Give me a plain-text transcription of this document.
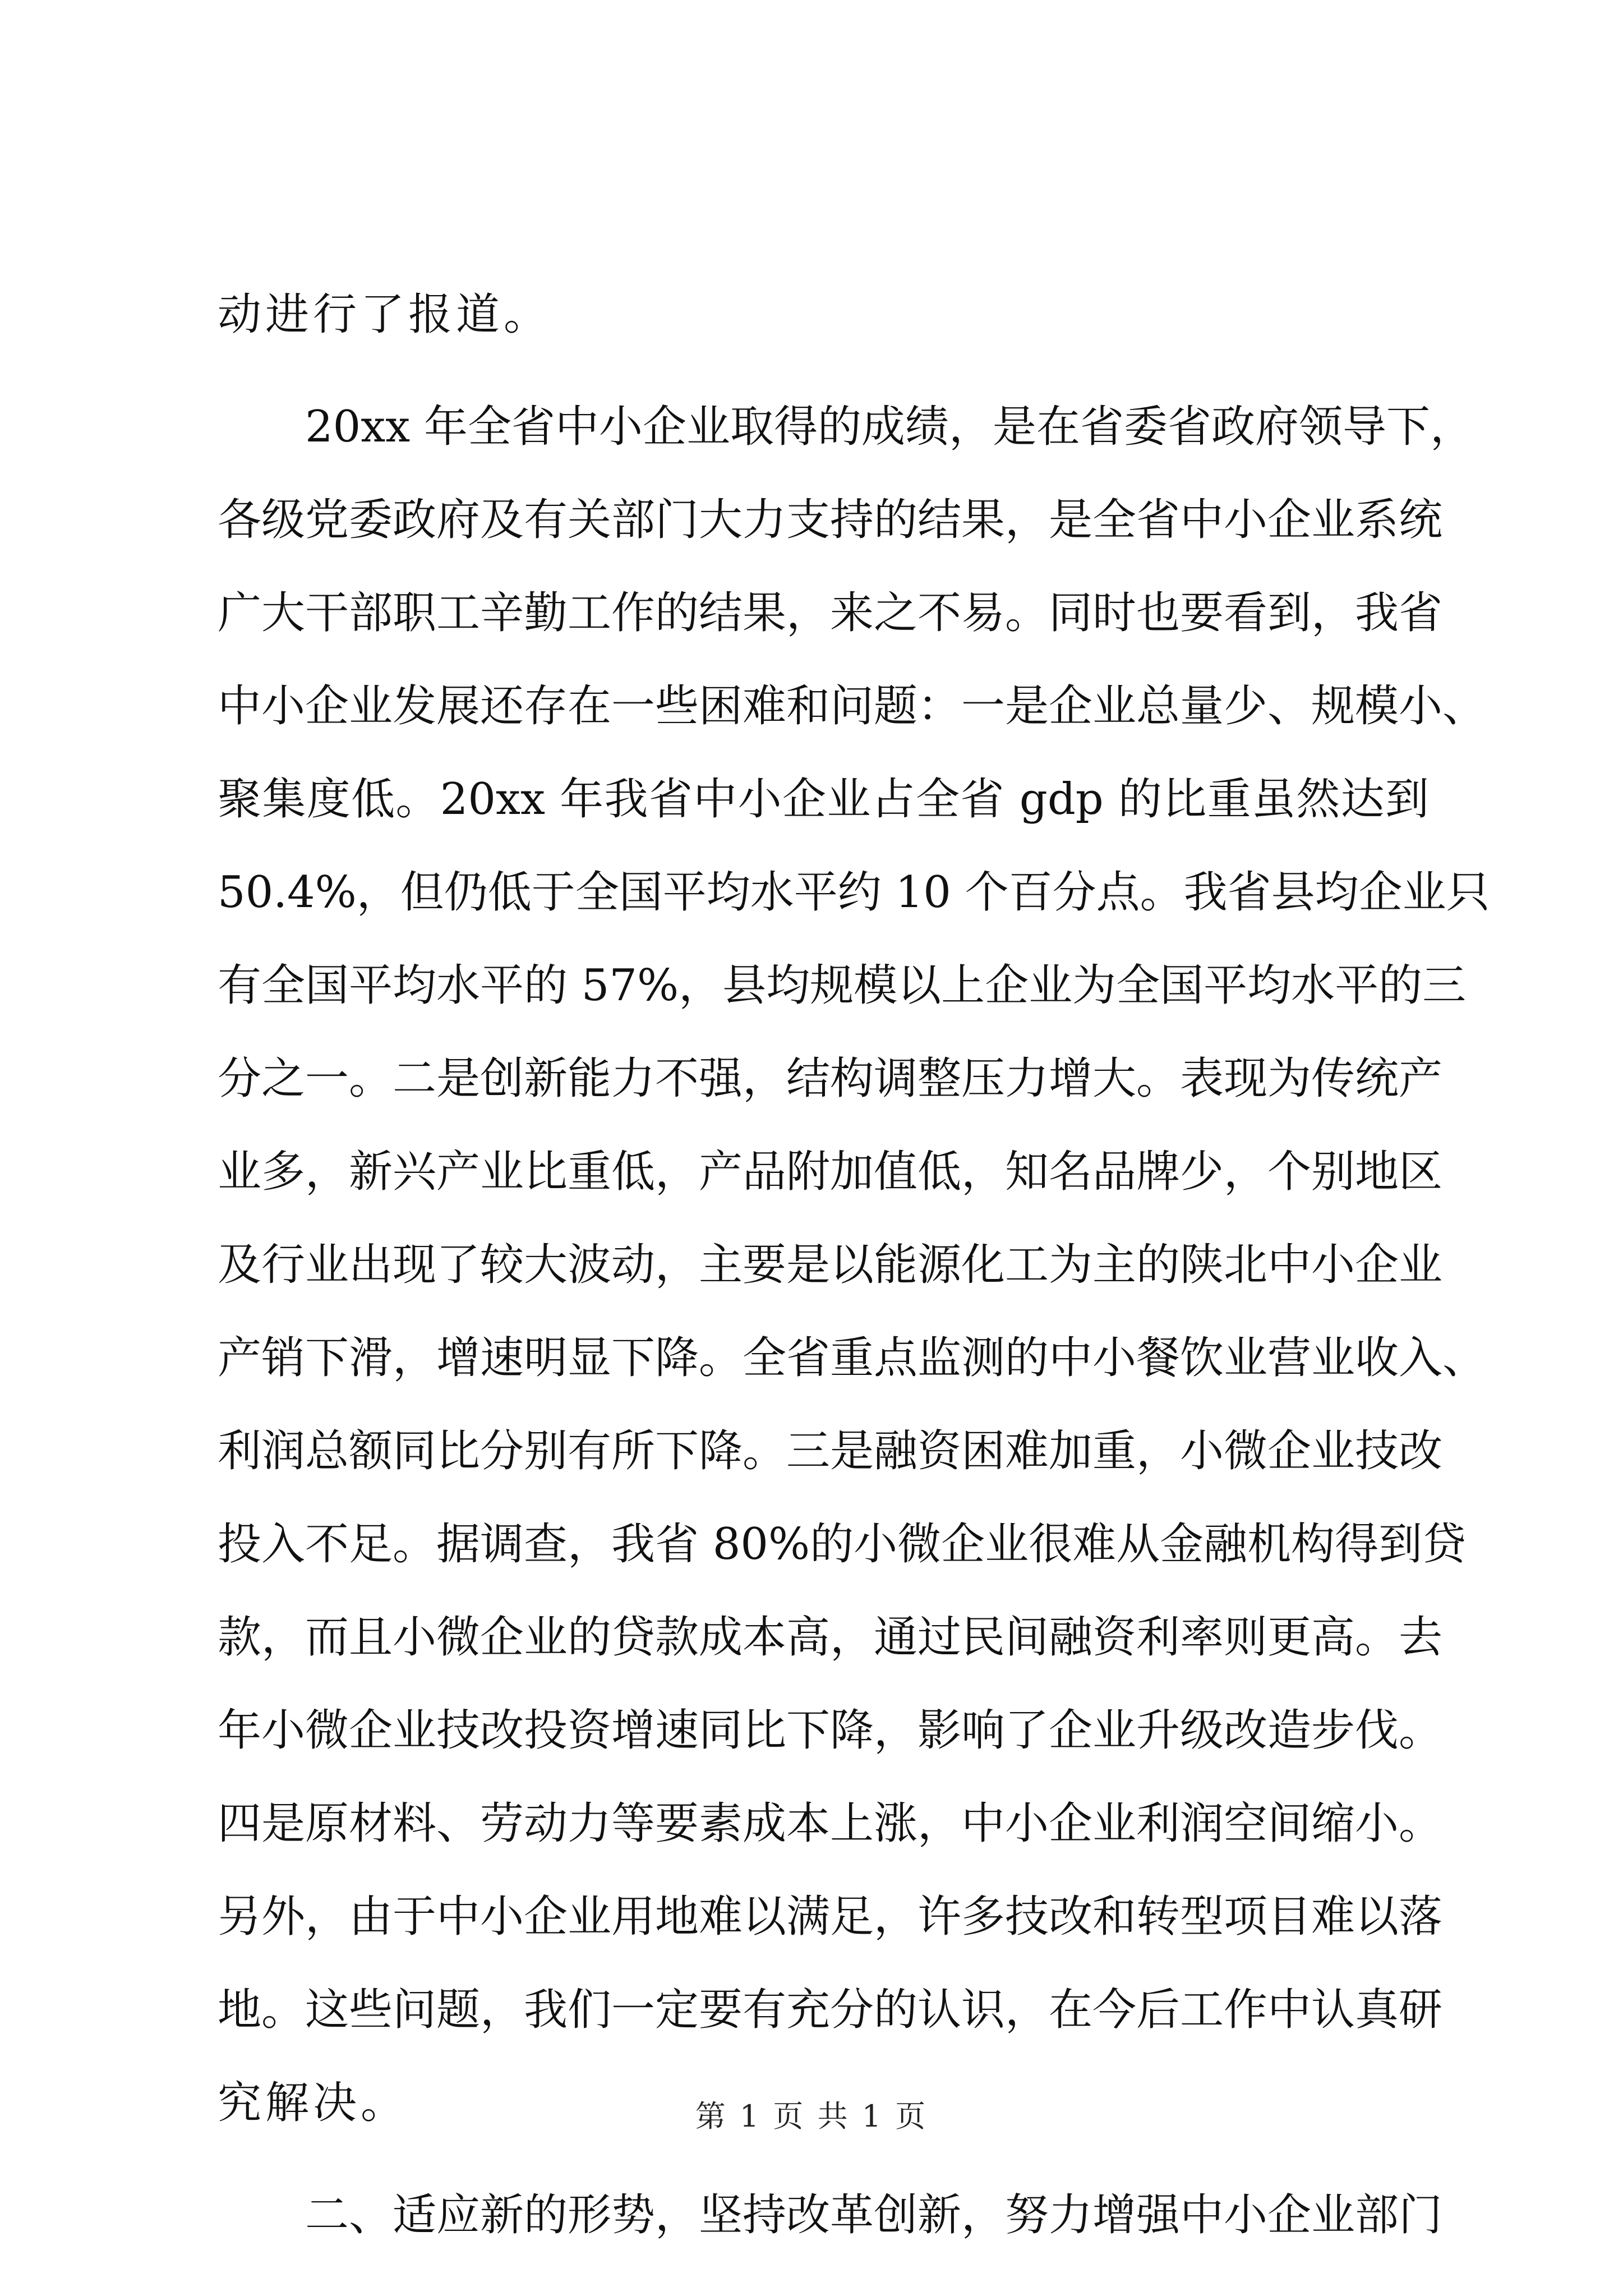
动进行了报道。
20xx 年全省中小企业取得的成绩，是在省委省政府领导下，
各级党委政府及有关部门大力支持的结果，是全省中小企业系统
广大干部职工辛勤工作的结果，来之不易。同时也要看到，我省
中小企业发展还存在一些困难和问题：一是企业总量少、规模小、
聚集度低。20xx 年我省中小企业占全省 gdp 的比重虽然达到
50.4%，但仍低于全国平均水平约 10 个百分点。我省县均企业只
有全国平均水平的 57%，县均规模以上企业为全国平均水平的三
分之一。二是创新能力不强，结构调整压力增大。表现为传统产
业多，新兴产业比重低，产品附加值低，知名品牌少，个别地区
及行业出现了较大波动，主要是以能源化工为主的陕北中小企业
产销下滑，增速明显下降。全省重点监测的中小餐饮业营业收入、
利润总额同比分别有所下降。三是融资困难加重，小微企业技改
投入不足。据调查，我省 80%的小微企业很难从金融机构得到贷
款，而且小微企业的贷款成本高，通过民间融资利率则更高。去
年小微企业技改投资增速同比下降，影响了企业升级改造步伐。
四是原材料、劳动力等要素成本上涨，中小企业利润空间缩小。
另外，由于中小企业用地难以满足，许多技改和转型项目难以落
地。这些问题，我们一定要有充分的认识，在今后工作中认真研
究解决。
二、适应新的形势，坚持改革创新，努力增强中小企业部门
第 1 页 共 1 页
